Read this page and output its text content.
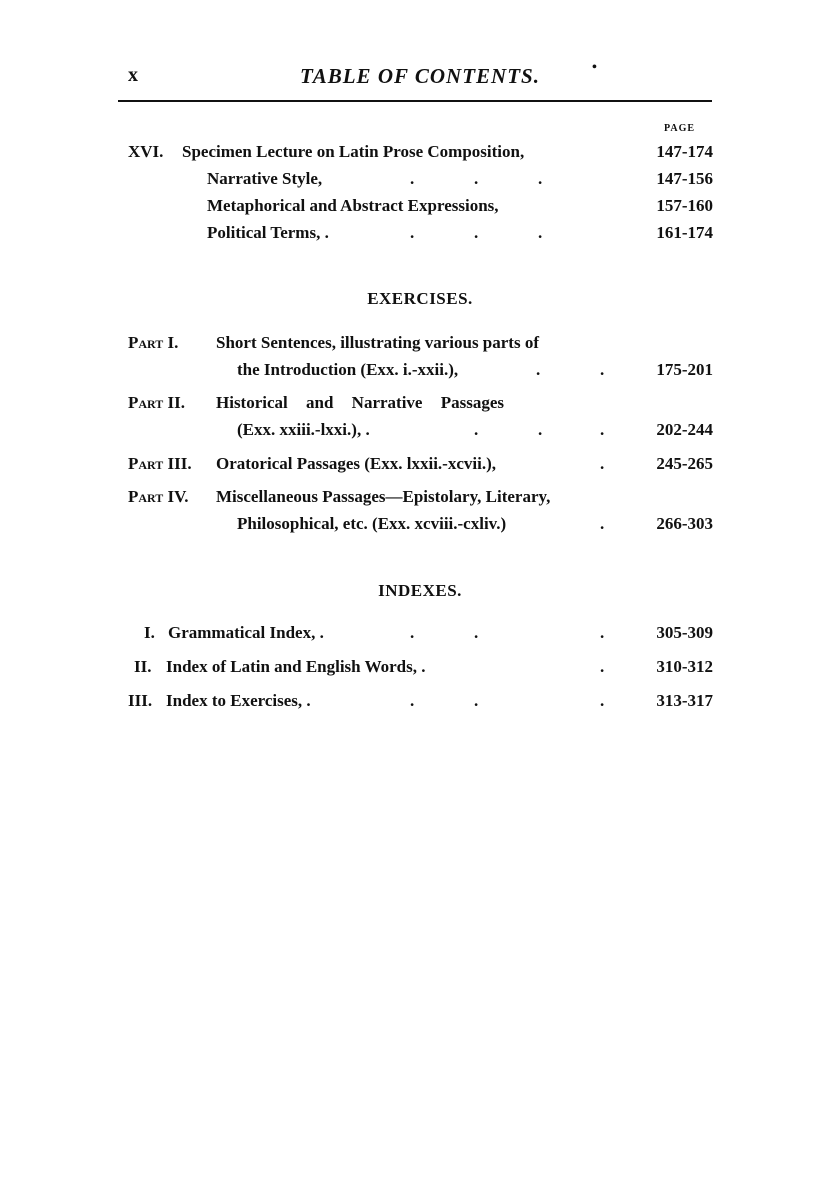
x	TABLE OF CONTENTS.	•
PAGE
XVI. Specimen Lecture on Latin Prose Composition,	147-174
Narrative Style,	.	.	.	147-156
Metaphorical and Abstract Expressions,	157-160
Political Terms, .	.	.	.	161-174
EXERCISES.
Part I. Short Sentences, illustrating various parts of
the Introduction (Exx. i.-xxii.),	.	.	175-201
Part II. Historical and Narrative Passages
(Exx. xxiii.-lxxi.), .	.	.	.	202-244
Part III. Oratorical Passages (Exx. lxxii.-xcvii.),	.	245-265
Part IV. Miscellaneous Passages—Epistolary, Literary,
Philosophical, etc. (Exx. xcviii.-cxliv.)	.	266-303
INDEXES.
I. Grammatical Index, .	.	.	.	305-309
II. Index of Latin and English Words, .	.	310-312
III. Index to Exercises, .	.	.	.	313-317
